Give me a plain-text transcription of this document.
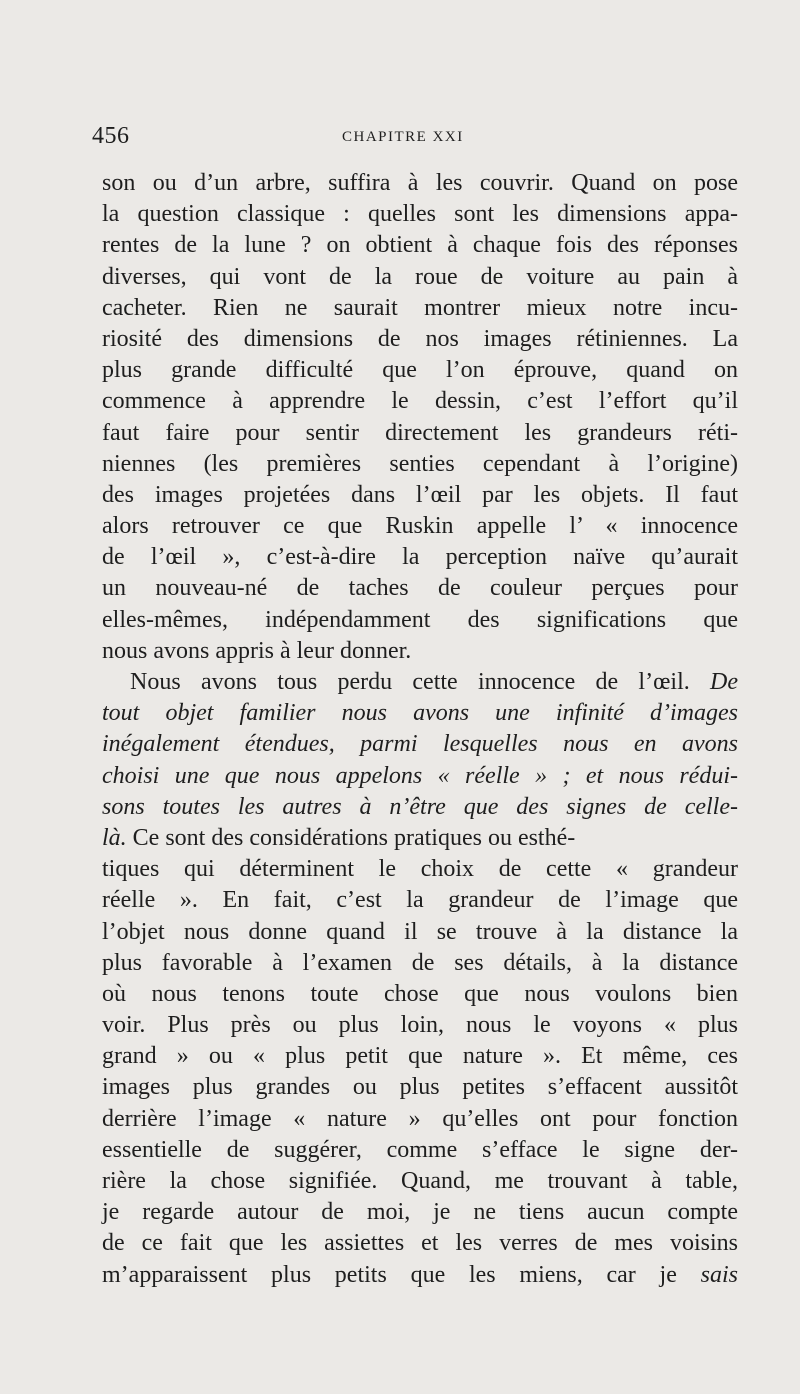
456	CHAPITRE XXI
son ou d’un arbre, suffira à les couvrir. Quand on pose
la question classique : quelles sont les dimensions appa-
rentes de la lune ? on obtient à chaque fois des réponses
diverses, qui vont de la roue de voiture au pain à
cacheter. Rien ne saurait montrer mieux notre incu-
riosité des dimensions de nos images rétiniennes. La
plus grande difficulté que l’on éprouve, quand on
commence à apprendre le dessin, c’est l’effort qu’il
faut faire pour sentir directement les grandeurs réti-
niennes (les premières senties cependant à l’origine)
des images projetées dans l’œil par les objets. Il faut
alors retrouver ce que Ruskin appelle l’ « innocence
de l’œil », c’est-à-dire la perception naïve qu’aurait
un nouveau-né de taches de couleur perçues pour
elles-mêmes, indépendamment des significations que
nous avons appris à leur donner.
Nous avons tous perdu cette innocence de l’œil. De
tout objet familier nous avons une infinité d’images
inégalement étendues, parmi lesquelles nous en avons
choisi une que nous appelons « réelle » ; et nous rédui-
sons toutes les autres à n’être que des signes de celle-
là. Ce sont des considérations pratiques ou esthé-
tiques qui déterminent le choix de cette « grandeur
réelle ». En fait, c’est la grandeur de l’image que
l’objet nous donne quand il se trouve à la distance la
plus favorable à l’examen de ses détails, à la distance
où nous tenons toute chose que nous voulons bien
voir. Plus près ou plus loin, nous le voyons « plus
grand » ou « plus petit que nature ». Et même, ces
images plus grandes ou plus petites s’effacent aussitôt
derrière l’image « nature » qu’elles ont pour fonction
essentielle de suggérer, comme s’efface le signe der-
rière la chose signifiée. Quand, me trouvant à table,
je regarde autour de moi, je ne tiens aucun compte
de ce fait que les assiettes et les verres de mes voisins
m’apparaissent plus petits que les miens, car je sais
